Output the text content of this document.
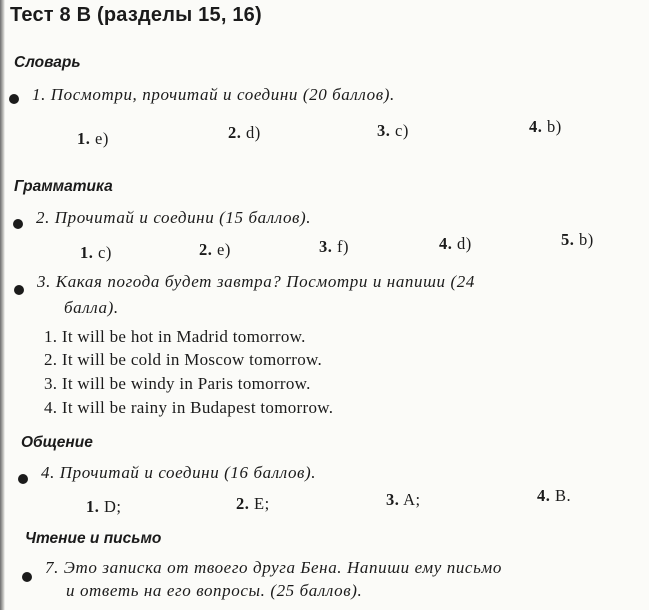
Тест 8 В (разделы 15, 16)
Словарь
1. Посмотри, прочитай и соедини (20 баллов).
1. e)	2. d)	3. c)	4. b)
Грамматика
2. Прочитай и соедини (15 баллов).
1. c)	2. e)	3. f)	4. d)	5. b)
3. Какая погода будет завтра? Посмотри и напиши (24
балла).
1. It will be hot in Madrid tomorrow.
2. It will be cold in Moscow tomorrow.
3. It will be windy in Paris tomorrow.
4. It will be rainy in Budapest tomorrow.
Общение
4. Прочитай и соедини (16 баллов).
1. D;	2. E;	3. A;	4. B.
Чтение и письмо
7. Это записка от твоего друга Бена. Напиши ему письмо
и ответь на его вопросы. (25 баллов).
